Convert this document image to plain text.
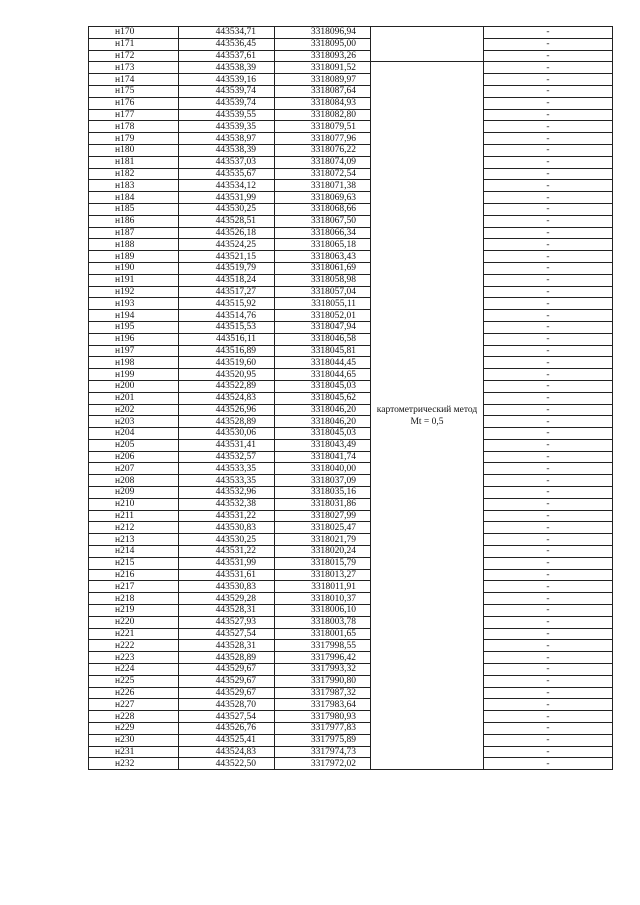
н170	443534,71	3318096,94		-
н171	443536,45	3318095,00		-
н172	443537,61	3318093,26		-
н173	443538,39	3318091,52	картометрический метод Mt = 0,5	-
н174	443539,16	3318089,97		-
н175	443539,74	3318087,64		-
н176	443539,74	3318084,93		-
н177	443539,55	3318082,80		-
н178	443539,35	3318079,51		-
н179	443538,97	3318077,96		-
н180	443538,39	3318076,22		-
н181	443537,03	3318074,09		-
н182	443535,67	3318072,54		-
н183	443534,12	3318071,38		-
н184	443531,99	3318069,63		-
н185	443530,25	3318068,66		-
н186	443528,51	3318067,50		-
н187	443526,18	3318066,34		-
н188	443524,25	3318065,18		-
н189	443521,15	3318063,43		-
н190	443519,79	3318061,69		-
н191	443518,24	3318058,98		-
н192	443517,27	3318057,04		-
н193	443515,92	3318055,11		-
н194	443514,76	3318052,01		-
н195	443515,53	3318047,94		-
н196	443516,11	3318046,58		-
н197	443516,89	3318045,81		-
н198	443519,60	3318044,45		-
н199	443520,95	3318044,65		-
н200	443522,89	3318045,03		-
н201	443524,83	3318045,62		-
н202	443526,96	3318046,20		-
н203	443528,89	3318046,20		-
н204	443530,06	3318045,03		-
н205	443531,41	3318043,49		-
н206	443532,57	3318041,74		-
н207	443533,35	3318040,00		-
н208	443533,35	3318037,09		-
н209	443532,96	3318035,16		-
н210	443532,38	3318031,86		-
н211	443531,22	3318027,99		-
н212	443530,83	3318025,47		-
н213	443530,25	3318021,79		-
н214	443531,22	3318020,24		-
н215	443531,99	3318015,79		-
н216	443531,61	3318013,27		-
н217	443530,83	3318011,91		-
н218	443529,28	3318010,37		-
н219	443528,31	3318006,10		-
н220	443527,93	3318003,78		-
н221	443527,54	3318001,65		-
н222	443528,31	3317998,55		-
н223	443528,89	3317996,42		-
н224	443529,67	3317993,32		-
н225	443529,67	3317990,80		-
н226	443529,67	3317987,32		-
н227	443528,70	3317983,64		-
н228	443527,54	3317980,93		-
н229	443526,76	3317977,83		-
н230	443525,41	3317975,89		-
н231	443524,83	3317974,73		-
н232	443522,50	3317972,02		-
